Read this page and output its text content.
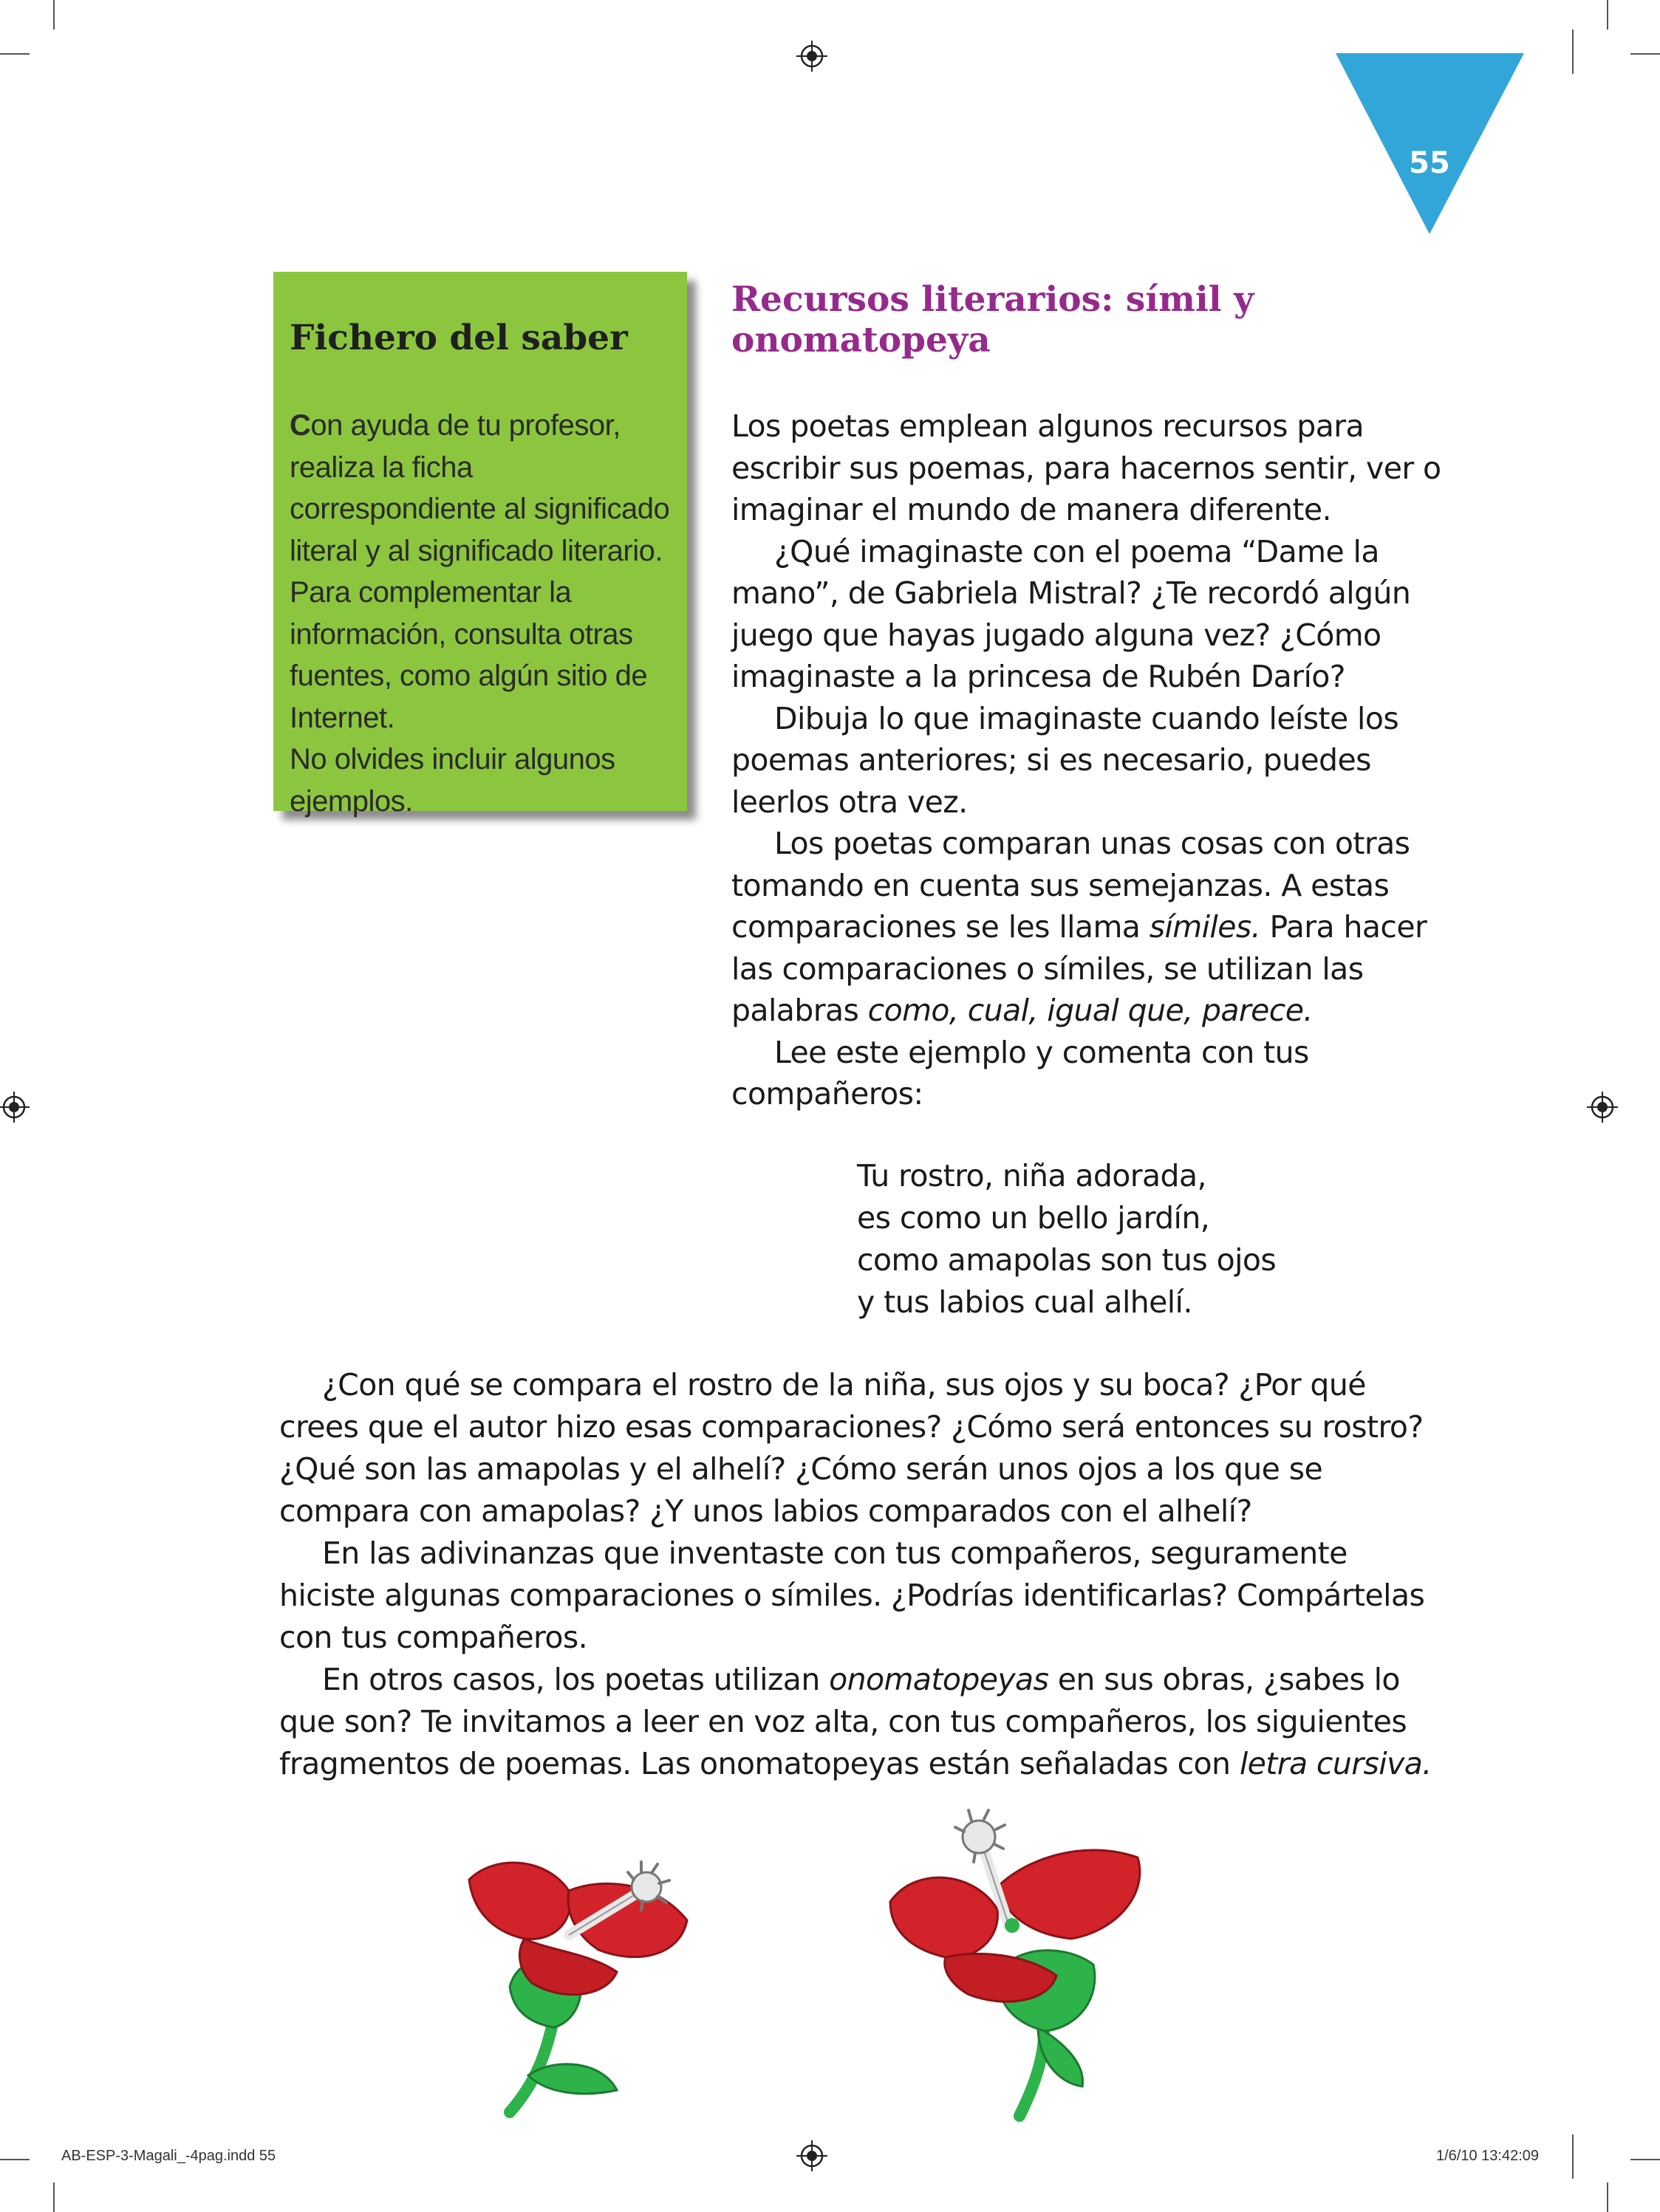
55
Fichero del saber

Con ayuda de tu profesor, realiza la ficha correspondiente al significado literal y al significado literario. Para complementar la información, consulta otras fuentes, como algún sitio de Internet.
No olvides incluir algunos ejemplos.

Recursos literarios: símil y onomatopeya

Los poetas emplean algunos recursos para escribir sus poemas, para hacernos sentir, ver o imaginar el mundo de manera diferente.

¿Qué imaginaste con el poema “Dame la mano”, de Gabriela Mistral? ¿Te recordó algún juego que hayas jugado alguna vez? ¿Cómo imaginaste a la princesa de Rubén Darío?

Dibuja lo que imaginaste cuando leíste los poemas anteriores; si es necesario, puedes leerlos otra vez.

Los poetas comparan unas cosas con otras tomando en cuenta sus semejanzas. A estas comparaciones se les llama símiles. Para hacer las comparaciones o símiles, se utilizan las palabras como, cual, igual que, parece.

Lee este ejemplo y comenta con tus compañeros:

Tu rostro, niña adorada,
es como un bello jardín,
como amapolas son tus ojos
y tus labios cual alhelí.

¿Con qué se compara el rostro de la niña, sus ojos y su boca? ¿Por qué crees que el autor hizo esas comparaciones? ¿Cómo será entonces su rostro? ¿Qué son las amapolas y el alhelí? ¿Cómo serán unos ojos a los que se compara con amapolas? ¿Y unos labios comparados con el alhelí?

En las adivinanzas que inventaste con tus compañeros, seguramente hiciste algunas comparaciones o símiles. ¿Podrías identificarlas? Compártelas con tus compañeros.

En otros casos, los poetas utilizan onomatopeyas en sus obras, ¿sabes lo que son? Te invitamos a leer en voz alta, con tus compañeros, los siguientes fragmentos de poemas. Las onomatopeyas están señaladas con letra cursiva.

AB-ESP-3-Magali_-4pag.indd 55	1/6/10 13:42:09
